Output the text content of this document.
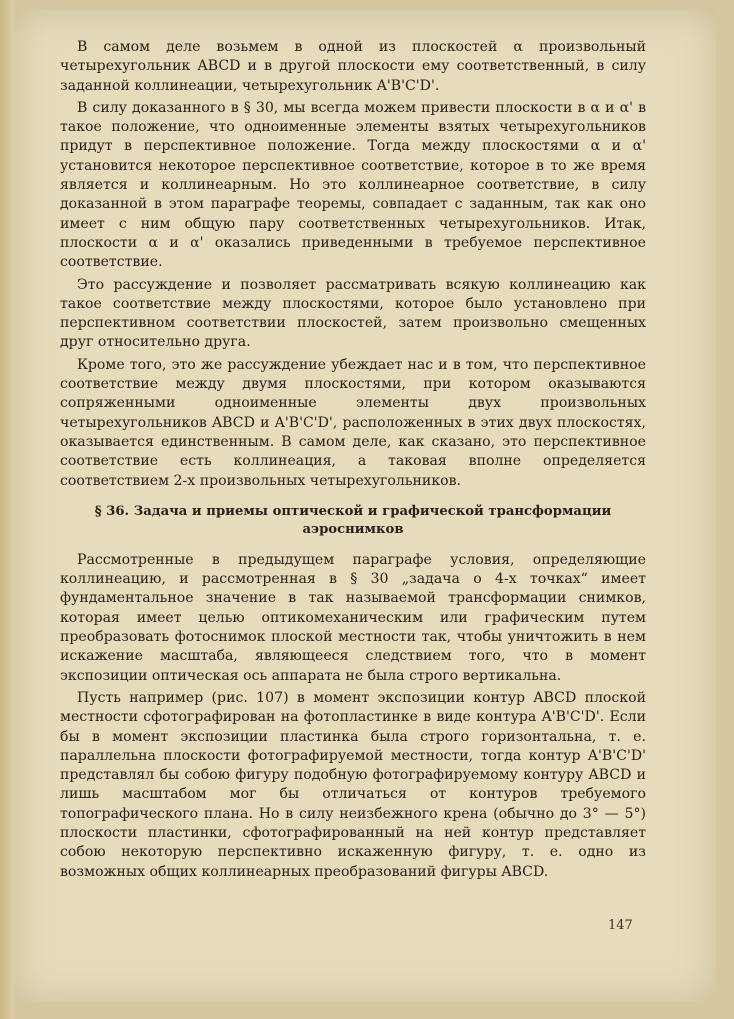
В самом деле возьмем в одной из плоскостей α произвольный четырехугольник ABCD и в другой плоскости ему соответственный, в силу заданной коллинеации, четырехугольник A'B'C'D'.

В силу доказанного в § 30, мы всегда можем привести плоскости в α и α' в такое положение, что одноименные элементы взятых четырехугольников придут в перспективное положение. Тогда между плоскостями α и α' установится некоторое перспективное соответствие, которое в то же время является и коллинеарным. Но это коллинеарное соответствие, в силу доказанной в этом параграфе теоремы, совпадает с заданным, так как оно имеет с ним общую пару соответственных четырехугольников. Итак, плоскости α и α' оказались приведенными в требуемое перспективное соответствие.

Это рассуждение и позволяет рассматривать всякую коллинеацию как такое соответствие между плоскостями, которое было установлено при перспективном соответствии плоскостей, затем произвольно смещенных друг относительно друга.

Кроме того, это же рассуждение убеждает нас и в том, что перспективное соответствие между двумя плоскостями, при котором оказываются сопряженными одноименные элементы двух произвольных четырехугольников ABCD и A'B'C'D', расположенных в этих двух плоскостях, оказывается единственным. В самом деле, как сказано, это перспективное соответствие есть коллинеация, а таковая вполне определяется соответствием 2-х произвольных четырехугольников.

§ 36. Задача и приемы оптической и графической трансформации аэроснимков

Рассмотренные в предыдущем параграфе условия, определяющие коллинеацию, и рассмотренная в § 30 „задача о 4-х точках“ имеет фундаментальное значение в так называемой трансформации снимков, которая имеет целью оптикомеханическим или графическим путем преобразовать фотоснимок плоской местности так, чтобы уничтожить в нем искажение масштаба, являющееся следствием того, что в момент экспозиции оптическая ось аппарата не была строго вертикальна.

Пусть например (рис. 107) в момент экспозиции контур ABCD плоской местности сфотографирован на фотопластинке в виде контура A'B'C'D'. Если бы в момент экспозиции пластинка была строго горизонтальна, т. е. параллельна плоскости фотографируемой местности, тогда контур A'B'C'D' представлял бы собою фигуру подобную фотографируемому контуру ABCD и лишь масштабом мог бы отличаться от контуров требуемого топографического плана. Но в силу неизбежного крена (обычно до 3° — 5°) плоскости пластинки, сфотографированный на ней контур представляет собою некоторую перспективно искаженную фигуру, т. е. одно из возможных общих коллинеарных преобразований фигуры ABCD.

147
